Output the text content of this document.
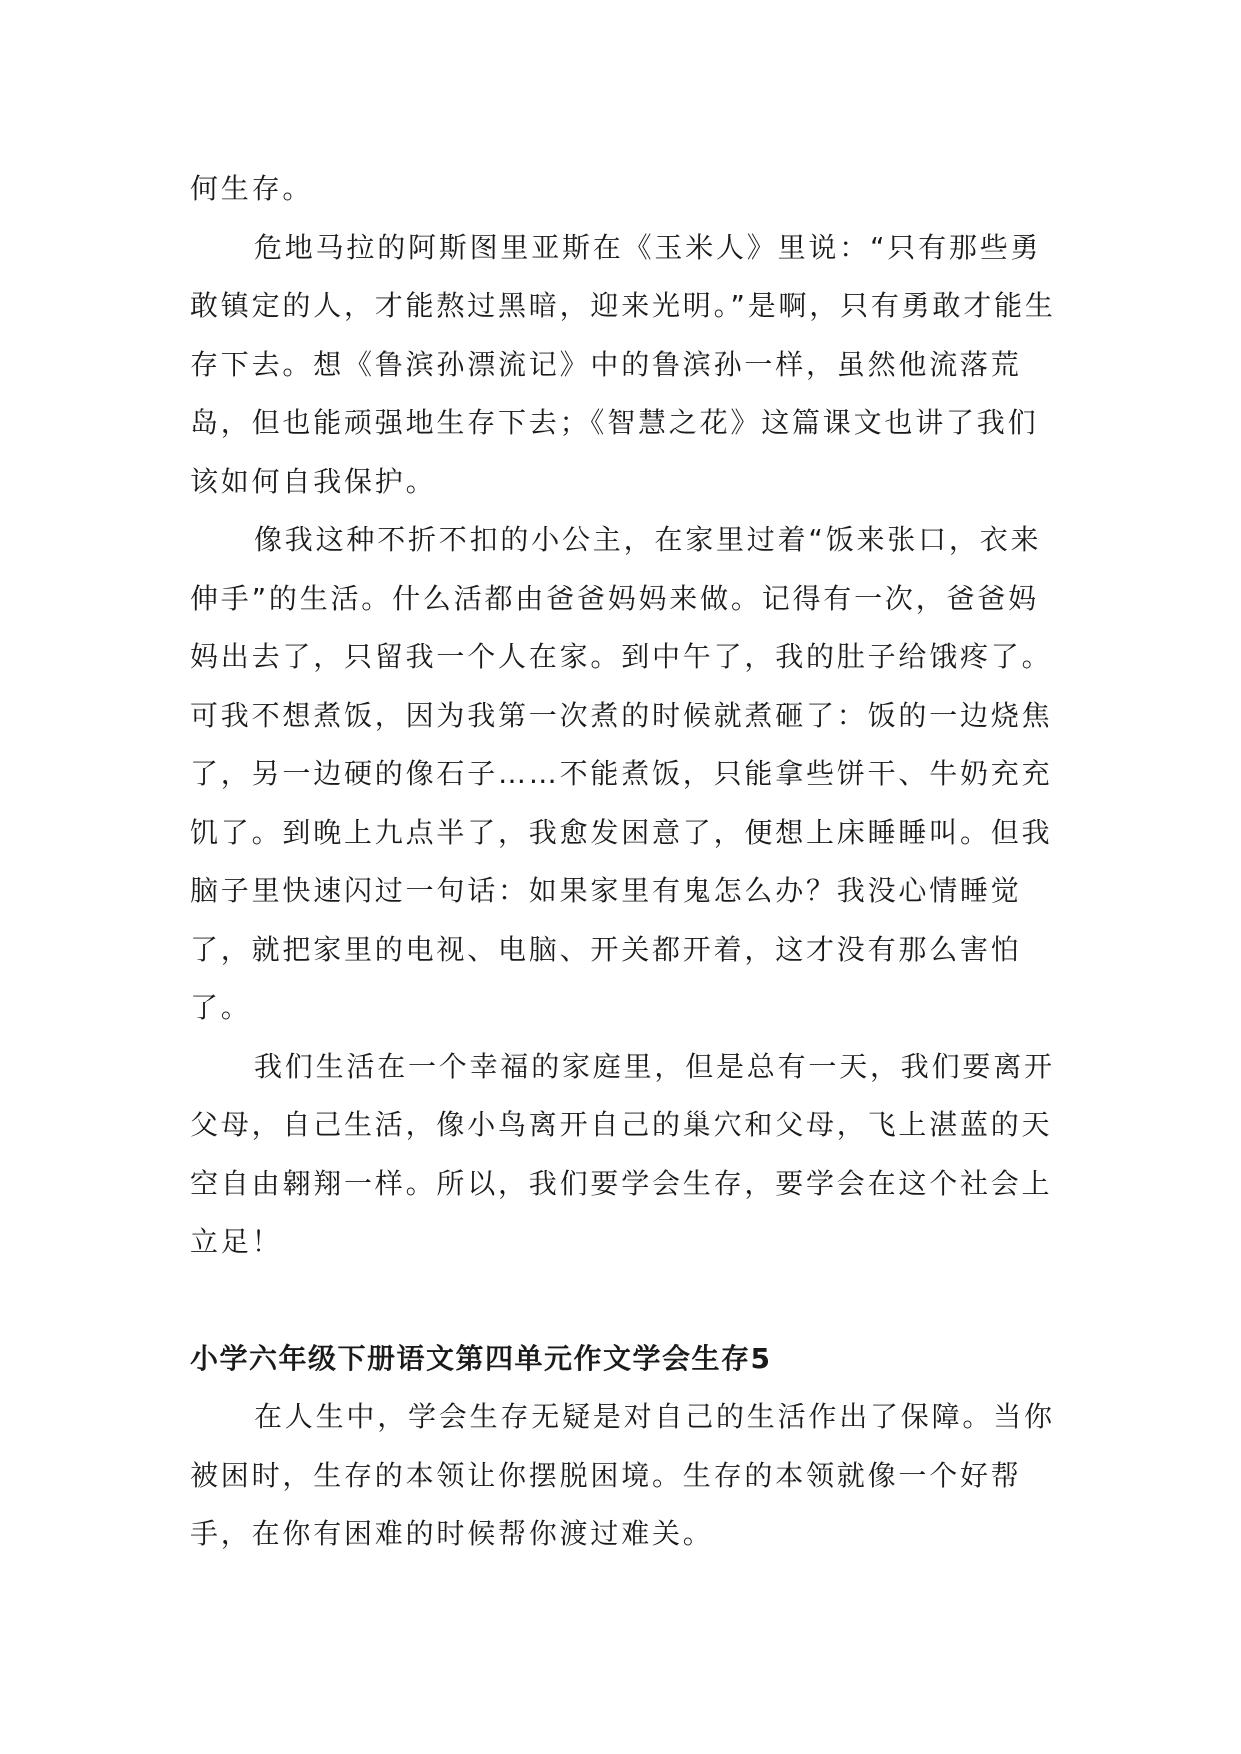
何生存。

危地马拉的阿斯图里亚斯在《玉米人》里说：“只有那些勇敢镇定的人，才能熬过黑暗，迎来光明。”是啊，只有勇敢才能生存下去。想《鲁滨孙漂流记》中的鲁滨孙一样，虽然他流落荒岛，但也能顽强地生存下去；《智慧之花》这篇课文也讲了我们该如何自我保护。

像我这种不折不扣的小公主，在家里过着“饭来张口，衣来伸手”的生活。什么活都由爸爸妈妈来做。记得有一次，爸爸妈妈出去了，只留我一个人在家。到中午了，我的肚子给饿疼了。可我不想煮饭，因为我第一次煮的时候就煮砸了：饭的一边烧焦了，另一边硬的像石子……不能煮饭，只能拿些饼干、牛奶充充饥了。到晚上九点半了，我愈发困意了，便想上床睡睡叫。但我脑子里快速闪过一句话：如果家里有鬼怎么办？我没心情睡觉了，就把家里的电视、电脑、开关都开着，这才没有那么害怕了。

我们生活在一个幸福的家庭里，但是总有一天，我们要离开父母，自己生活，像小鸟离开自己的巢穴和父母，飞上湛蓝的天空自由翱翔一样。所以，我们要学会生存，要学会在这个社会上立足！

小学六年级下册语文第四单元作文学会生存5

在人生中，学会生存无疑是对自己的生活作出了保障。当你被困时，生存的本领让你摆脱困境。生存的本领就像一个好帮手，在你有困难的时候帮你渡过难关。
